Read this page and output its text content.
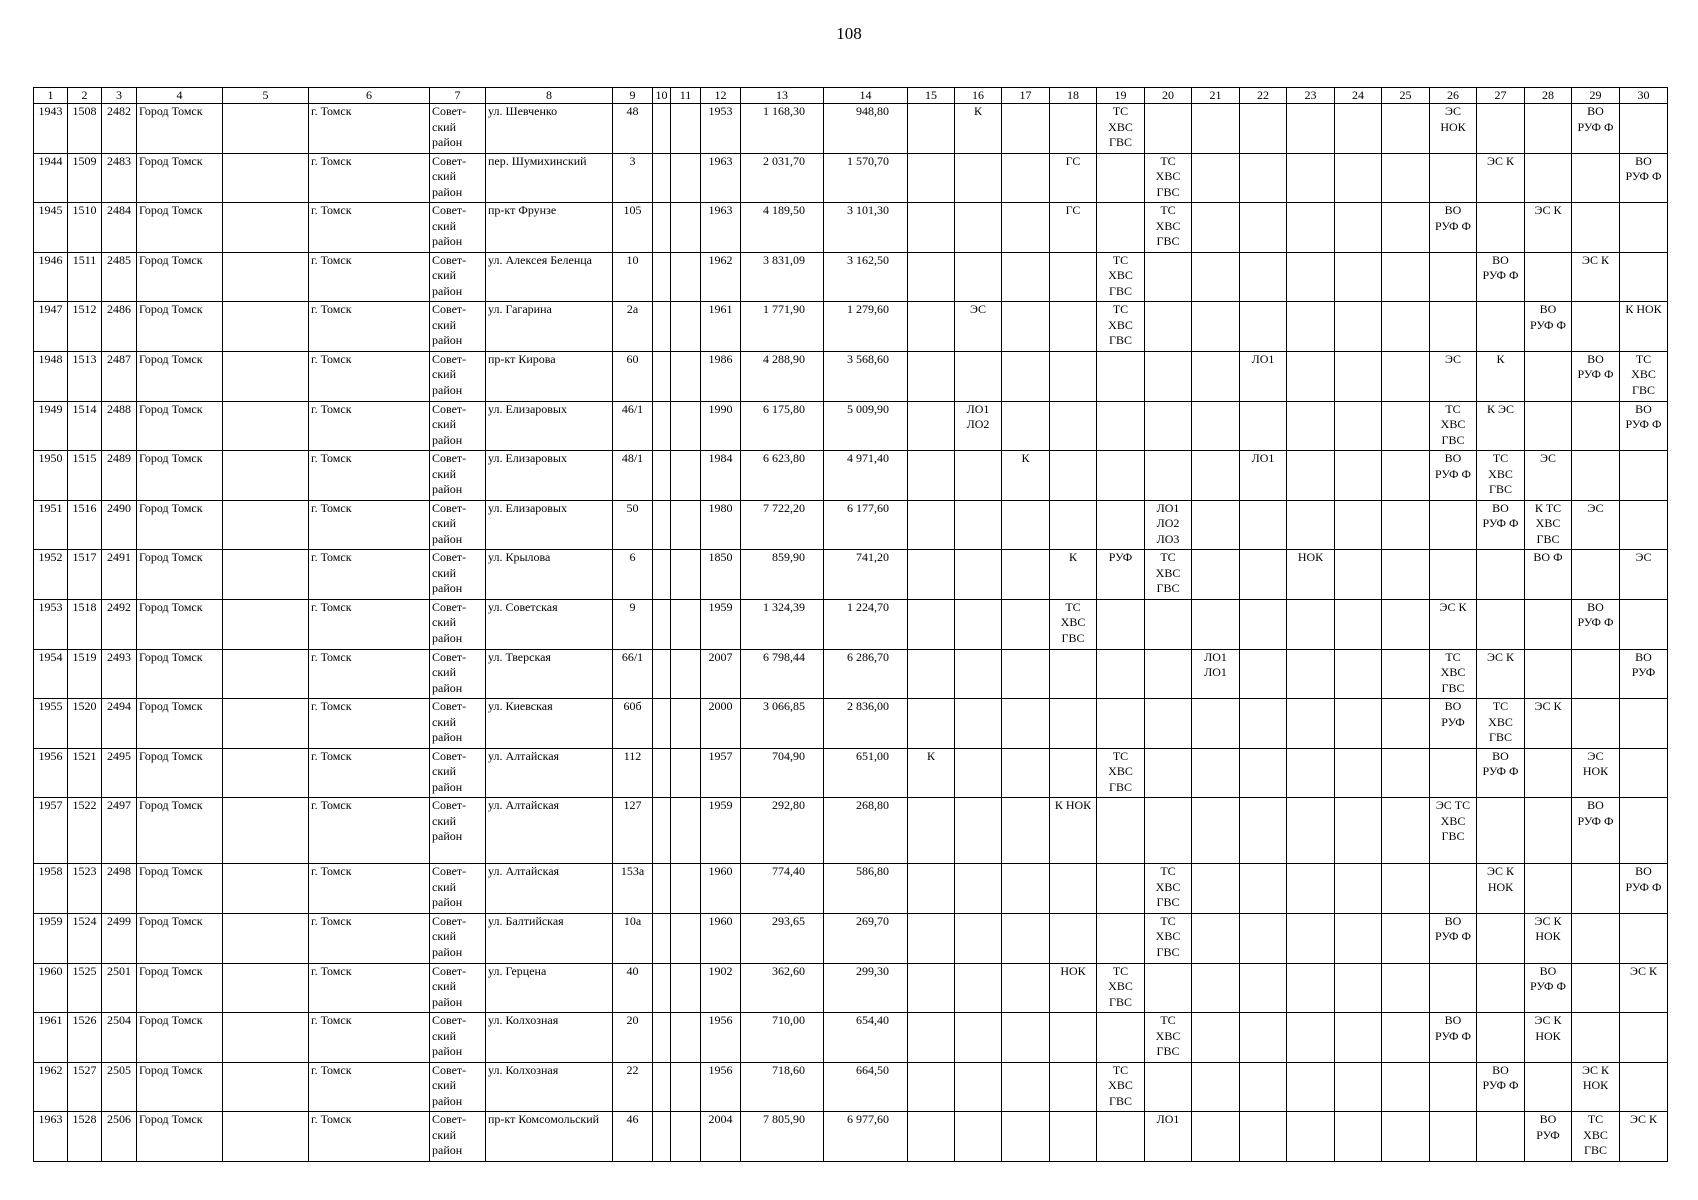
108
1	2	3	4	5	6	7	8	9	10	11	12	13	14	15	16	17	18	19	20	21	22	23	24	25	26	27	28	29	30
1943	1508	2482	Город Томск		г. Томск	Совет-
ский
район	ул. Шевченко	48			1953	1 168,30	948,80		К			ТС
ХВС
ГВС							ЭС
НОК			ВО
РУФ Ф	
1944	1509	2483	Город Томск		г. Томск	Совет-
ский
район	пер. Шумихинский	3			1963	2 031,70	1 570,70				ГС		ТС
ХВС
ГВС							ЭС К			ВО
РУФ Ф
1945	1510	2484	Город Томск		г. Томск	Совет-
ский
район	пр-кт Фрунзе	105			1963	4 189,50	3 101,30				ГС		ТС
ХВС
ГВС						ВО
РУФ Ф		ЭС К		
1946	1511	2485	Город Томск		г. Томск	Совет-
ский
район	ул. Алексея Беленца	10			1962	3 831,09	3 162,50					ТС
ХВС
ГВС								ВО
РУФ Ф		ЭС К	
1947	1512	2486	Город Томск		г. Томск	Совет-
ский
район	ул. Гагарина	2а			1961	1 771,90	1 279,60		ЭС			ТС
ХВС
ГВС									ВО
РУФ Ф		К НОК
1948	1513	2487	Город Томск		г. Томск	Совет-
ский
район	пр-кт Кирова	60			1986	4 288,90	3 568,60								ЛО1				ЭС	К		ВО
РУФ Ф	ТС
ХВС
ГВС
1949	1514	2488	Город Томск		г. Томск	Совет-
ский
район	ул. Елизаровых	46/1			1990	6 175,80	5 009,90		ЛО1
ЛО2										ТС
ХВС
ГВС	К ЭС			ВО
РУФ Ф
1950	1515	2489	Город Томск		г. Томск	Совет-
ский
район	ул. Елизаровых	48/1			1984	6 623,80	4 971,40			К					ЛО1				ВО
РУФ Ф	ТС
ХВС
ГВС	ЭС		
1951	1516	2490	Город Томск		г. Томск	Совет-
ский
район	ул. Елизаровых	50			1980	7 722,20	6 177,60						ЛО1
ЛО2
ЛО3							ВО
РУФ Ф	К ТС
ХВС
ГВС	ЭС	
1952	1517	2491	Город Томск		г. Томск	Совет-
ский
район	ул. Крылова	6			1850	859,90	741,20				К	РУФ	ТС
ХВС
ГВС			НОК					ВО Ф		ЭС
1953	1518	2492	Город Томск		г. Томск	Совет-
ский
район	ул. Советская	9			1959	1 324,39	1 224,70				ТС
ХВС
ГВС								ЭС К			ВО
РУФ Ф	
1954	1519	2493	Город Томск		г. Томск	Совет-
ский
район	ул. Тверская	66/1			2007	6 798,44	6 286,70							ЛО1
ЛО1					ТС
ХВС
ГВС	ЭС К			ВО
РУФ
1955	1520	2494	Город Томск		г. Томск	Совет-
ский
район	ул. Киевская	60б			2000	3 066,85	2 836,00												ВО
РУФ	ТС
ХВС
ГВС	ЭС К		
1956	1521	2495	Город Томск		г. Томск	Совет-
ский
район	ул. Алтайская	112			1957	704,90	651,00	К				ТС
ХВС
ГВС								ВО
РУФ Ф		ЭС
НОК	
1957	1522	2497	Город Томск		г. Томск	Совет-
ский
район	ул. Алтайская	127			1959	292,80	268,80				К НОК								ЭС ТС
ХВС
ГВС			ВО
РУФ Ф	
1958	1523	2498	Город Томск		г. Томск	Совет-
ский
район	ул. Алтайская	153а			1960	774,40	586,80						ТС
ХВС
ГВС							ЭС К
НОК			ВО
РУФ Ф
1959	1524	2499	Город Томск		г. Томск	Совет-
ский
район	ул. Балтийская	10а			1960	293,65	269,70						ТС
ХВС
ГВС						ВО
РУФ Ф		ЭС К
НОК		
1960	1525	2501	Город Томск		г. Томск	Совет-
ский
район	ул. Герцена	40			1902	362,60	299,30				НОК	ТС
ХВС
ГВС									ВО
РУФ Ф		ЭС К
1961	1526	2504	Город Томск		г. Томск	Совет-
ский
район	ул. Колхозная	20			1956	710,00	654,40						ТС
ХВС
ГВС						ВО
РУФ Ф		ЭС К
НОК		
1962	1527	2505	Город Томск		г. Томск	Совет-
ский
район	ул. Колхозная	22			1956	718,60	664,50					ТС
ХВС
ГВС								ВО
РУФ Ф		ЭС К
НОК	
1963	1528	2506	Город Томск		г. Томск	Совет-
ский
район	пр-кт Комсомольский	46			2004	7 805,90	6 977,60						ЛО1								ВО
РУФ	ТС
ХВС
ГВС	ЭС К
